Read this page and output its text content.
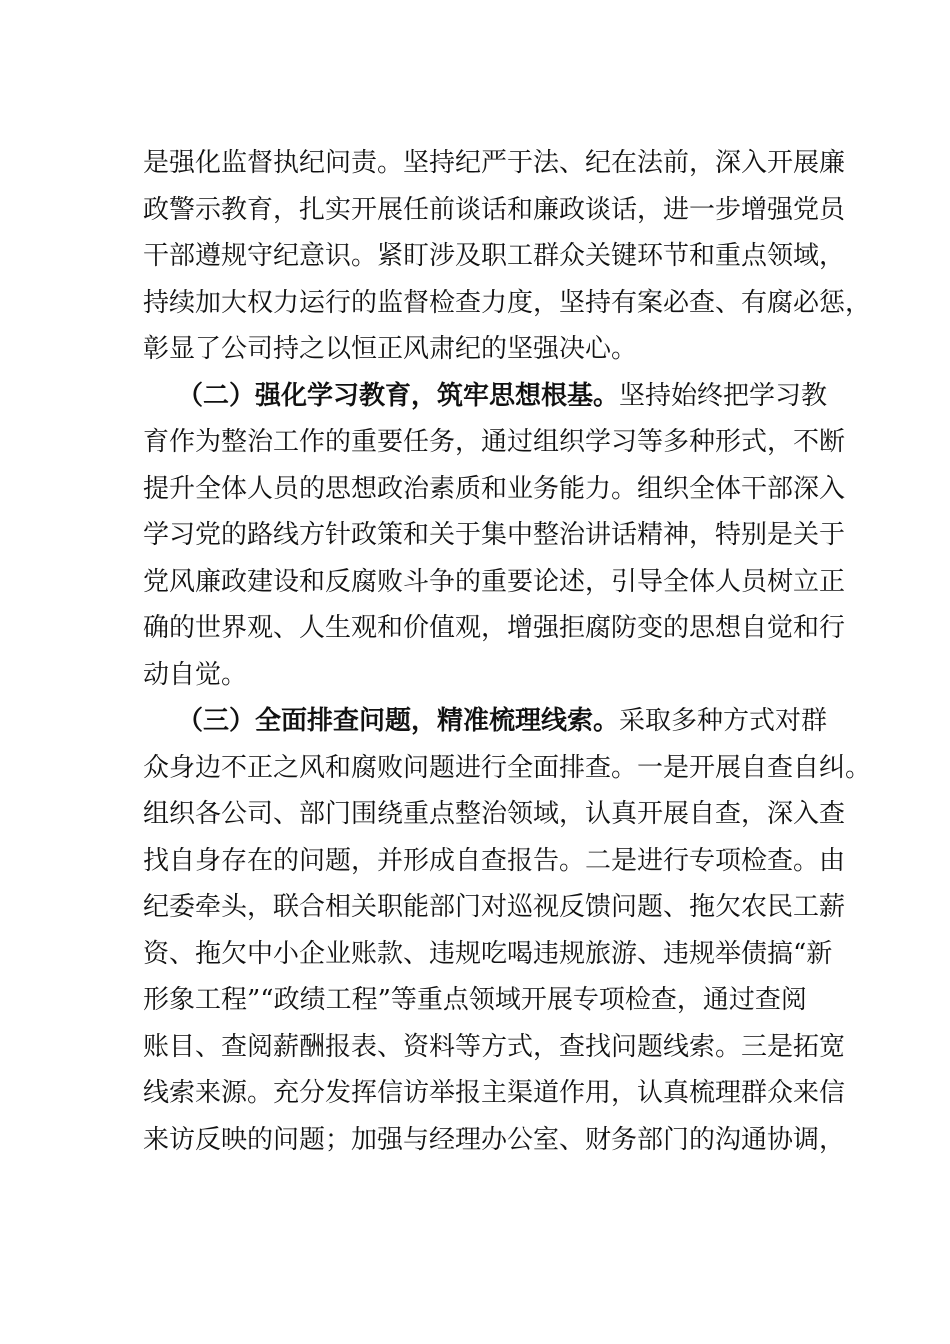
是强化监督执纪问责。坚持纪严于法、纪在法前，深入开展廉
政警示教育，扎实开展任前谈话和廉政谈话，进一步增强党员
干部遵规守纪意识。紧盯涉及职工群众关键环节和重点领域，
持续加大权力运行的监督检查力度，坚持有案必查、有腐必惩，
彰显了公司持之以恒正风肃纪的坚强决心。
（二）强化学习教育，筑牢思想根基。坚持始终把学习教
育作为整治工作的重要任务，通过组织学习等多种形式，不断
提升全体人员的思想政治素质和业务能力。组织全体干部深入
学习党的路线方针政策和关于集中整治讲话精神，特别是关于
党风廉政建设和反腐败斗争的重要论述，引导全体人员树立正
确的世界观、人生观和价值观，增强拒腐防变的思想自觉和行
动自觉。
（三）全面排查问题，精准梳理线索。采取多种方式对群
众身边不正之风和腐败问题进行全面排查。一是开展自查自纠。
组织各公司、部门围绕重点整治领域，认真开展自查，深入查
找自身存在的问题，并形成自查报告。二是进行专项检查。由
纪委牵头，联合相关职能部门对巡视反馈问题、拖欠农民工薪
资、拖欠中小企业账款、违规吃喝违规旅游、违规举债搞“新
形象工程”“政绩工程”等重点领域开展专项检查，通过查阅
账目、查阅薪酬报表、资料等方式，查找问题线索。三是拓宽
线索来源。充分发挥信访举报主渠道作用，认真梳理群众来信
来访反映的问题；加强与经理办公室、财务部门的沟通协调，
